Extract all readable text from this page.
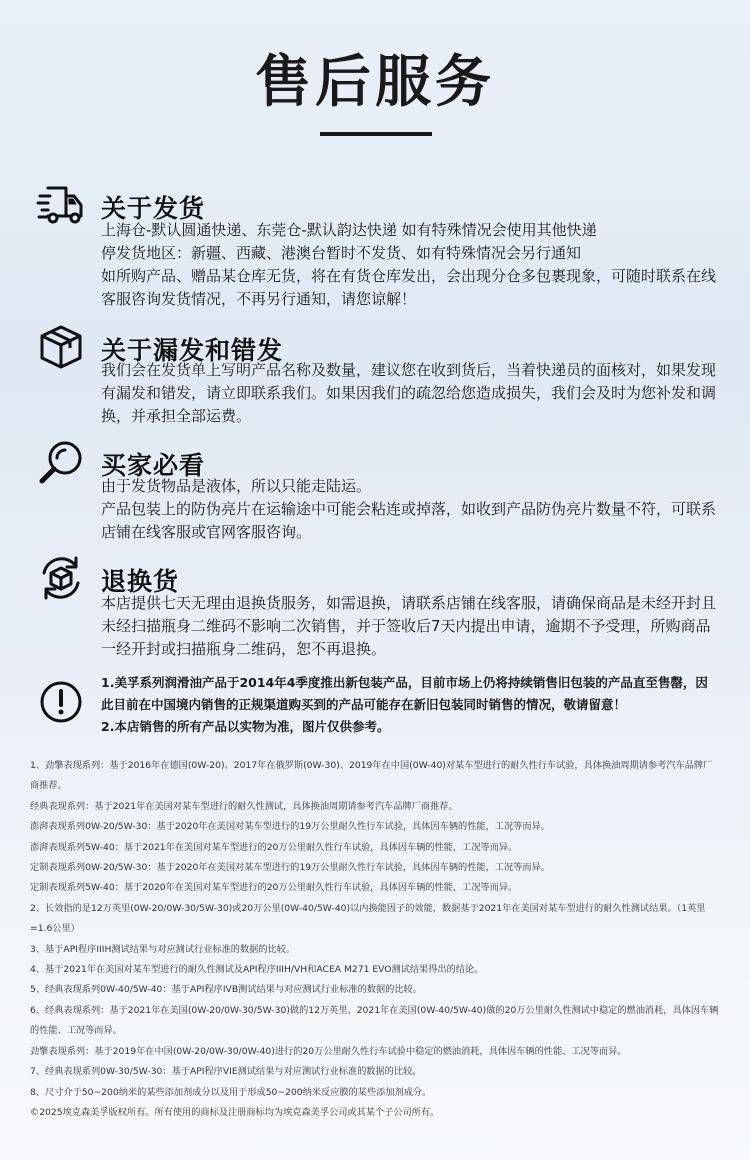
售后服务
关于发货

上海仓-默认圆通快递、东莞仓-默认韵达快递 如有特殊情况会使用其他快递

停发货地区：新疆、西藏、港澳台暂时不发货、如有特殊情况会另行通知

如所购产品、赠品某仓库无货，将在有货仓库发出，会出现分仓多包裹现象，可随时联系在线客服咨询发货情况，不再另行通知，请您谅解！

关于漏发和错发

我们会在发货单上写明产品名称及数量，建议您在收到货后，当着快递员的面核对，如果发现有漏发和错发，请立即联系我们。如果因我们的疏忽给您造成损失，我们会及时为您补发和调换，并承担全部运费。

买家必看

由于发货物品是液体，所以只能走陆运。

产品包装上的防伪亮片在运输途中可能会粘连或掉落，如收到产品防伪亮片数量不符，可联系店铺在线客服或官网客服咨询。

退换货

本店提供七天无理由退换货服务，如需退换，请联系店铺在线客服，请确保商品是未经开封且未经扫描瓶身二维码不影响二次销售，并于签收后7天内提出申请，逾期不予受理，所购商品一经开封或扫描瓶身二维码，恕不再退换。

1.美孚系列润滑油产品于2014年4季度推出新包装产品，目前市场上仍将持续销售旧包装的产品直至售罄，因此目前在中国境内销售的正规渠道购买到的产品可能存在新旧包装同时销售的情况，敬请留意！

2.本店销售的所有产品以实物为准，图片仅供参考。

1、劲擎表现系列：基于2016年在德国(0W-20)、2017年在俄罗斯(0W-30)、2019年在中国(0W-40)对某车型进行的耐久性行车试验，具体换油周期请参考汽车品牌厂商推荐。

经典表现系列：基于2021年在美国对某车型进行的耐久性测试，具体换油周期请参考汽车品牌厂商推荐。

澎湃表现系列0W-20/5W-30：基于2020年在美国对某车型进行的19万公里耐久性行车试验，具体因车辆的性能，工况等而异。

澎湃表现系列5W-40：基于2021年在美国对某车型进行的20万公里耐久性行车试验，具体因车辆的性能，工况等而异。

定制表现系列0W-20/5W-30：基于2020年在美国对某车型进行的19万公里耐久性行车试验，具体因车辆的性能，工况等而异。

定制表现系列5W-40：基于2020年在美国对某车型进行的20万公里耐久性行车试验，具体因车辆的性能，工况等而异。

2、长效指的是12万英里(0W-20/0W-30/5W-30)或20万公里(0W-40/5W-40)以内换能因子的效能，数据基于2021年在美国对某车型进行的耐久性测试结果。（1英里=1.6公里）

3、基于API程序IIIH测试结果与对应测试行业标准的数据的比较。

4、基于2021年在美国对某车型进行的耐久性测试及API程序IIIH/VH和ACEA M271 EVO测试结果得出的结论。

5、经典表现系列0W-40/5W-40：基于API程序IVB测试结果与对应测试行业标准的数据的比较。

6、经典表现系列：基于2021年在美国(0W-20/0W-30/5W-30)做的12万英里、2021年在美国(0W-40/5W-40)做的20万公里耐久性测试中稳定的燃油消耗，具体因车辆的性能、工况等而异。

劲擎表现系列：基于2019年在中国(0W-20/0W-30/0W-40)进行的20万公里耐久性行车试验中稳定的燃油消耗，具体因车辆的性能、工况等而异。

7、经典表现系列0W-30/5W-30：基于API程序VIE测试结果与对应测试行业标准的数据的比较。

8、尺寸介于50~200纳米的某些添加剂成分以及用于形成50~200纳米反应膜的某些添加剂成分。

©2025埃克森美孚版权所有。所有使用的商标及注册商标均为埃克森美孚公司或其某个子公司所有。
